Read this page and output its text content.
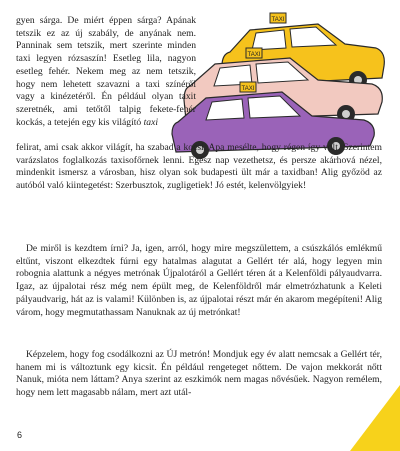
TAXI
TAXI
TAXI

gyen sárga. De miért éppen sárga? Apának tetszik ez az új szabály, de anyának nem. Panninak sem tetszik, mert szerinte minden taxi legyen rózsaszín! Esetleg lila, nagyon esetleg fehér. Nekem meg az nem tetszik, hogy nem lehetett szavazni a taxi színéről vagy a kinézetéről. Én például olyan taxit szeretnék, ami tetőtől talpig fekete-fehér kockás, a tetején egy kis világító taxi

felirat, ami csak akkor világít, ha szabad a kocsi. Apa mesélte, hogy régen így volt. Szerintem varázslatos foglalkozás taxisofőrnek lenni. Egész nap vezethetsz, és persze akárhová nézel, mindenkit ismersz a városban, hisz olyan sok budapesti ült már a taxidban! Alig győzöd az autóból való kiintegetést: Szerbusztok, zugligetiek! Jó estét, kelenvölgyiek!

De miről is kezdtem írni? Ja, igen, arról, hogy mire megszülettem, a csúszkálós emlékmű eltűnt, viszont elkezdtek fúrni egy hatalmas alagutat a Gellért tér alá, hogy legyen min robognia alattunk a négyes metrónak Újpalotáról a Gellért téren át a Kelenföldi pályaudvarra. Igaz, az újpalotai rész még nem épült meg, de Kelenföldről már elmetrózhatunk a Keleti pályaudvarig, hát az is valami! Különben is, az újpalotai részt már én akarom megépíteni! Alig várom, hogy megmutathassam Nanuknak az új metrónkat!

Képzelem, hogy fog csodálkozni az ÚJ metrón! Mondjuk egy év alatt nemcsak a Gellért tér, hanem mi is változtunk egy kicsit. Én például rengeteget nőttem. De vajon mekkorát nőtt Nanuk, mióta nem láttam? Anya szerint az eszkimók nem magas nővésűek. Nagyon remélem, hogy nem lett magasabb nálam, mert azt utál-

6
